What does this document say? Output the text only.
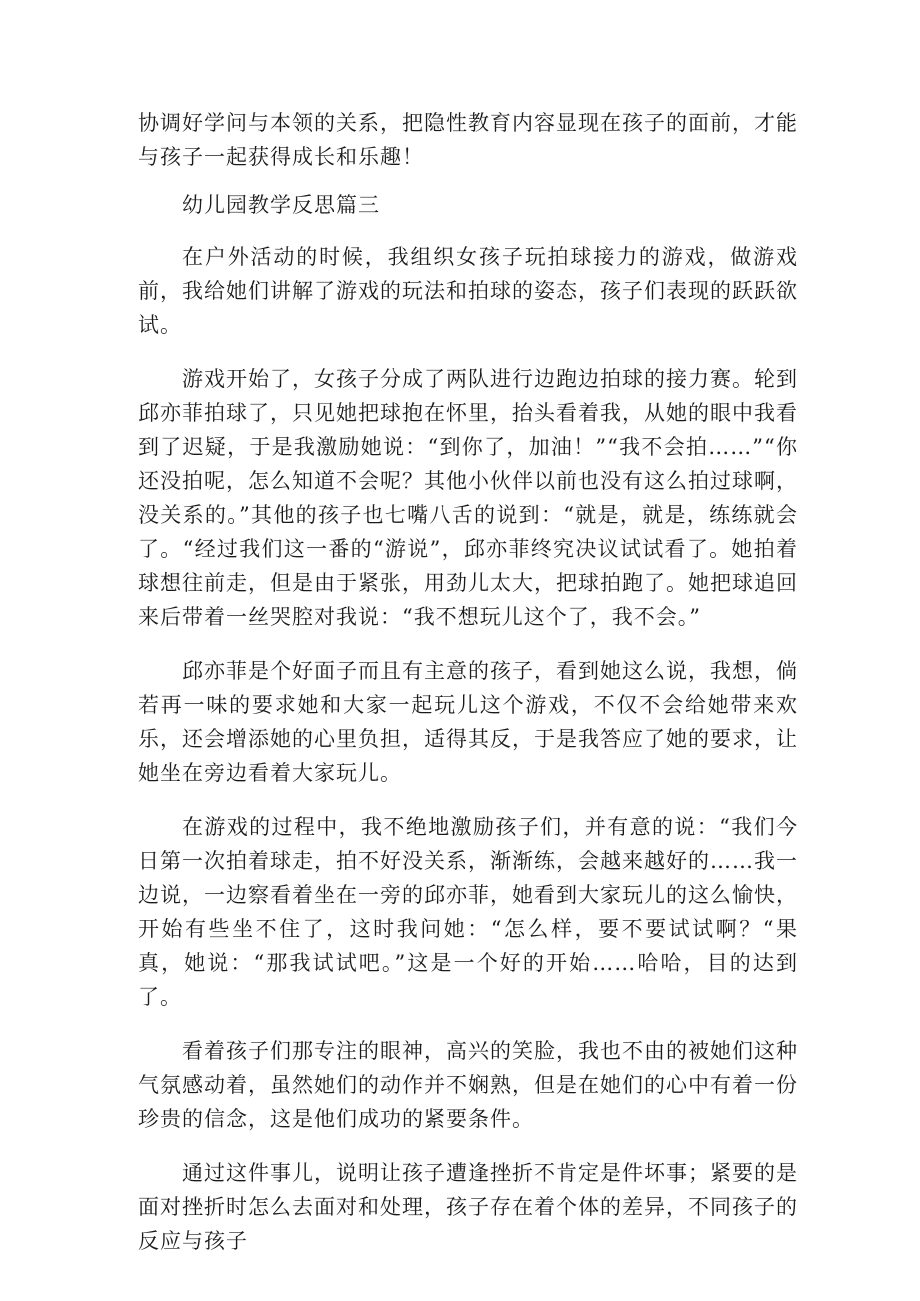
协调好学问与本领的关系，把隐性教育内容显现在孩子的面前，才能与孩子一起获得成长和乐趣！

幼儿园教学反思篇三

在户外活动的时候，我组织女孩子玩拍球接力的游戏，做游戏前，我给她们讲解了游戏的玩法和拍球的姿态，孩子们表现的跃跃欲试。

游戏开始了，女孩子分成了两队进行边跑边拍球的接力赛。轮到邱亦菲拍球了，只见她把球抱在怀里，抬头看着我，从她的眼中我看到了迟疑，于是我激励她说：“到你了，加油！”“我不会拍……”“你还没拍呢，怎么知道不会呢？其他小伙伴以前也没有这么拍过球啊，没关系的。”其他的孩子也七嘴八舌的说到：“就是，就是，练练就会了。“经过我们这一番的“游说”，邱亦菲终究决议试试看了。她拍着球想往前走，但是由于紧张，用劲儿太大，把球拍跑了。她把球追回来后带着一丝哭腔对我说：“我不想玩儿这个了，我不会。”

邱亦菲是个好面子而且有主意的孩子，看到她这么说，我想，倘若再一味的要求她和大家一起玩儿这个游戏，不仅不会给她带来欢乐，还会增添她的心里负担，适得其反，于是我答应了她的要求，让她坐在旁边看着大家玩儿。

在游戏的过程中，我不绝地激励孩子们，并有意的说：“我们今日第一次拍着球走，拍不好没关系，渐渐练，会越来越好的……我一边说，一边察看着坐在一旁的邱亦菲，她看到大家玩儿的这么愉快，开始有些坐不住了，这时我问她：“怎么样，要不要试试啊？“果真，她说：“那我试试吧。”这是一个好的开始……哈哈，目的达到了。

看着孩子们那专注的眼神，高兴的笑脸，我也不由的被她们这种气氛感动着，虽然她们的动作并不娴熟，但是在她们的心中有着一份珍贵的信念，这是他们成功的紧要条件。

通过这件事儿，说明让孩子遭逢挫折不肯定是件坏事；紧要的是面对挫折时怎么去面对和处理，孩子存在着个体的差异，不同孩子的反应与孩子
